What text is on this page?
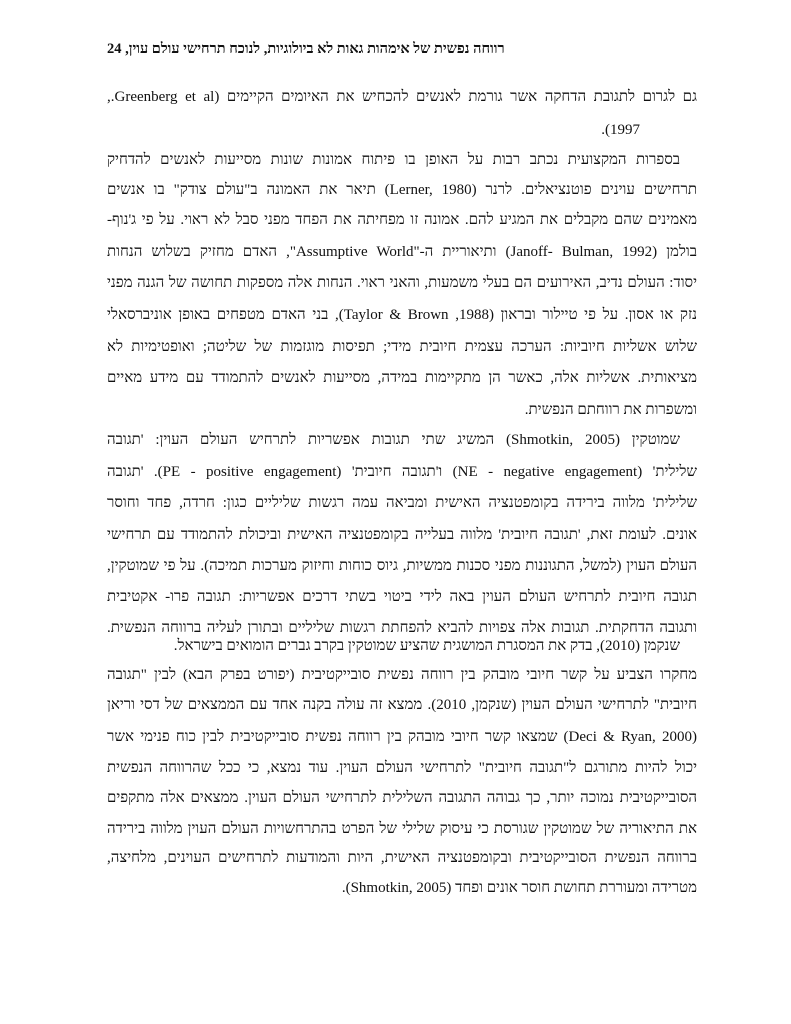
רווחה נפשית של אימהות גאות לא ביולוגיות, לנוכח תרחישי עולם עוין, 24
גם לגרום לתגובת הדחקה אשר גורמת לאנשים להכחיש את האיומים הקיימים (Greenberg et al.,
1997).
בספרות המקצועית נכתב רבות על האופן בו פיתוח אמונות שונות מסייעות לאנשים להדחיק
תרחישים עוינים פוטנציאלים. לרנר (Lerner, 1980) תיאר את האמונה ב"עולם צודק" בו אנשים
מאמינים שהם מקבלים את המגיע להם. אמונה זו מפחיתה את הפחד מפני סבל לא ראוי. על פי ג'נוף-
בולמן (Janoff- Bulman, 1992) ותיאוריית ה-"Assumptive World", האדם מחזיק בשלוש הנחות
יסוד: העולם נדיב, האירועים הם בעלי משמעות, והאני ראוי. הנחות אלה מספקות תחושה של הגנה מפני
נזק או אסון. על פי טיילור ובראון (Taylor & Brown ,1988), בני האדם מטפחים באופן אוניברסאלי
שלוש אשליות חיוביות: הערכה עצמית חיובית מידי; תפיסות מוגזמות של שליטה; ואופטימיות לא
מציאותית. אשליות אלה, כאשר הן מתקיימות במידה, מסייעות לאנשים להתמודד עם מידע מאיים
ומשפרות את רווחתם הנפשית.
שמוטקין (Shmotkin, 2005) המשיג שתי תגובות אפשריות לתרחיש העולם העוין: 'תגובה
שלילית' (NE - negative engagement) ו'תגובה חיובית' (PE - positive engagement). 'תגובה
שלילית' מלווה בירידה בקומפטנציה האישית ומביאה עמה רגשות שליליים כגון: חרדה, פחד וחוסר
אונים. לעומת זאת, 'תגובה חיובית' מלווה בעלייה בקומפטנציה האישית וביכולת להתמודד עם תרחישי
העולם העוין (למשל, התגוננות מפני סכנות ממשיות, גיוס כוחות וחיזוק מערכות תמיכה). על פי שמוטקין,
תגובה חיובית לתרחיש העולם העוין באה לידי ביטוי בשתי דרכים אפשריות: תגובה פרו- אקטיבית
ותגובה הדחקתית. תגובות אלה צפויות להביא להפחתת רגשות שליליים ובתורן לעליה ברווחה הנפשית.
שנקמן (2010), בדק את המסגרת המושגית שהציע שמוטקין בקרב גברים הומואים בישראל.
מחקרו הצביע על קשר חיובי מובהק בין רווחה נפשית סובייקטיבית (יפורט בפרק הבא) לבין "תגובה
חיובית" לתרחישי העולם העוין (שנקמן, 2010). ממצא זה עולה בקנה אחד עם הממצאים של דסי וריאן
(Deci & Ryan, 2000) שמצאו קשר חיובי מובהק בין רווחה נפשית סובייקטיבית לבין כוח פנימי אשר
יכול להיות מתורגם ל"תגובה חיובית" לתרחישי העולם העוין. עוד נמצא, כי ככל שהרווחה הנפשית
הסובייקטיבית נמוכה יותר, כך גבוהה התגובה השלילית לתרחישי העולם העוין. ממצאים אלה מתקפים
את התיאוריה של שמוטקין שגורסת כי עיסוק שלילי של הפרט בהתרחשויות העולם העוין מלווה בירידה
ברווחה הנפשית הסובייקטיבית ובקומפטנציה האישית, היות והמודעות לתרחישים העוינים, מלחיצה,
מטרידה ומעוררת תחושת חוסר אונים ופחד (Shmotkin, 2005).
